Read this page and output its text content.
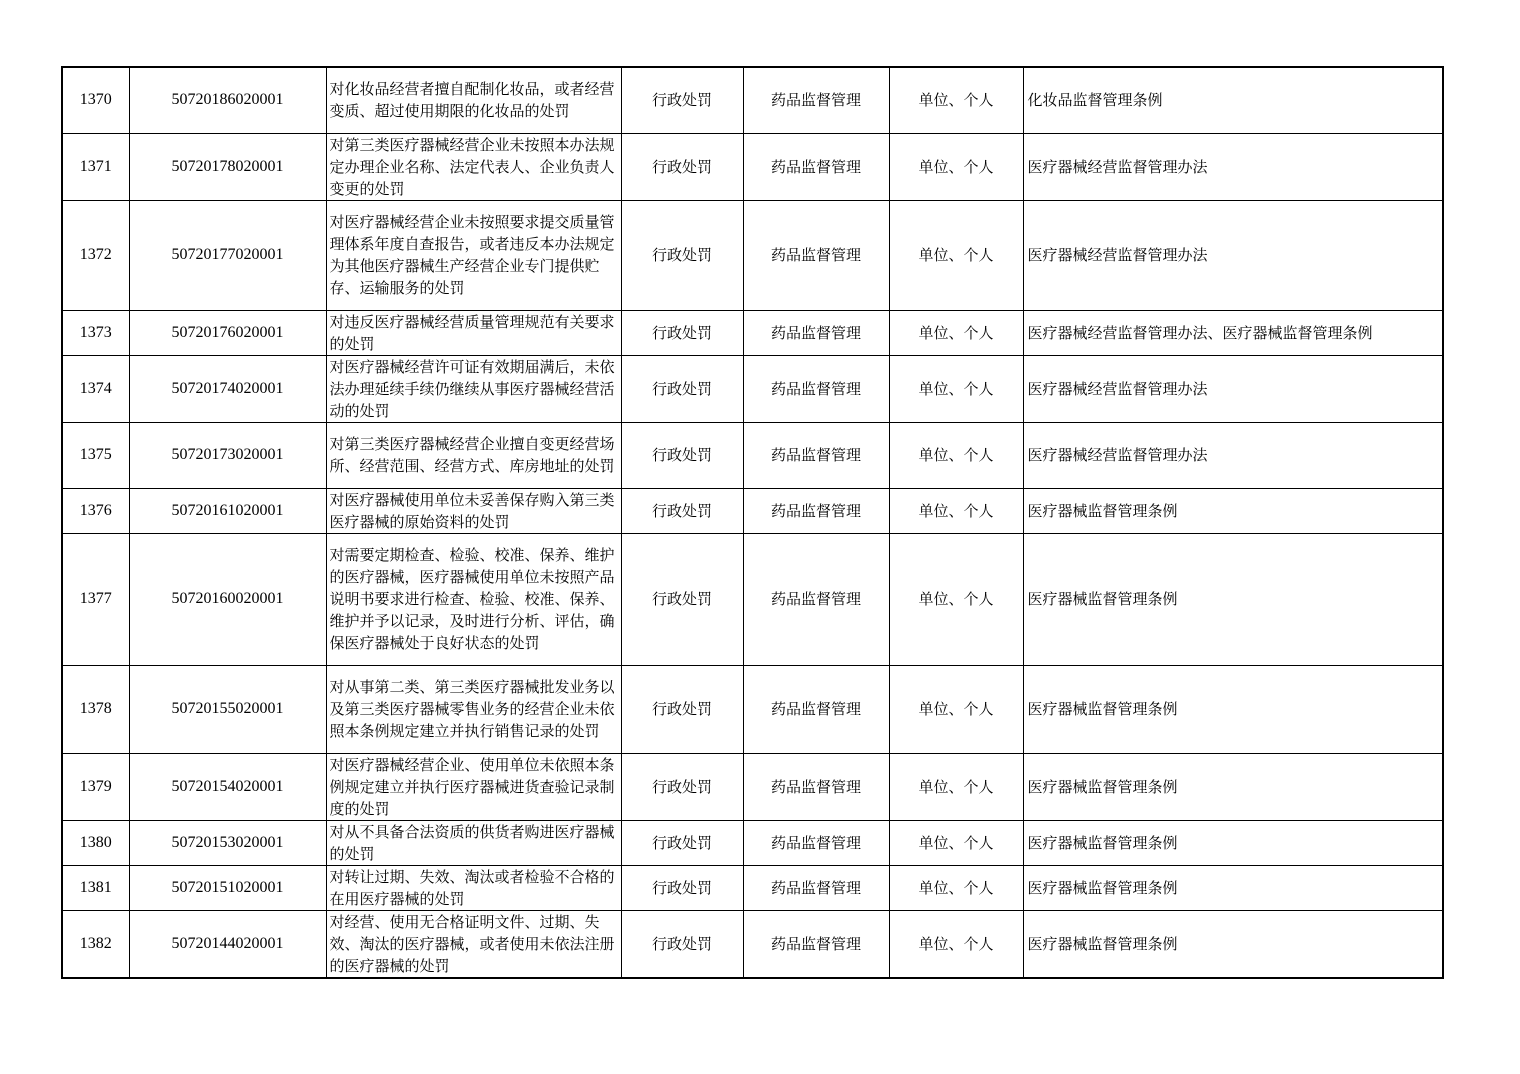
1370	50720186020001	对化妆品经营者擅自配制化妆品，或者经营变质、超过使用期限的化妆品的处罚	行政处罚	药品监督管理	单位、个人	化妆品监督管理条例
1371	50720178020001	对第三类医疗器械经营企业未按照本办法规定办理企业名称、法定代表人、企业负责人变更的处罚	行政处罚	药品监督管理	单位、个人	医疗器械经营监督管理办法
1372	50720177020001	对医疗器械经营企业未按照要求提交质量管理体系年度自查报告，或者违反本办法规定为其他医疗器械生产经营企业专门提供贮存、运输服务的处罚	行政处罚	药品监督管理	单位、个人	医疗器械经营监督管理办法
1373	50720176020001	对违反医疗器械经营质量管理规范有关要求的处罚	行政处罚	药品监督管理	单位、个人	医疗器械经营监督管理办法、医疗器械监督管理条例
1374	50720174020001	对医疗器械经营许可证有效期届满后，未依法办理延续手续仍继续从事医疗器械经营活动的处罚	行政处罚	药品监督管理	单位、个人	医疗器械经营监督管理办法
1375	50720173020001	对第三类医疗器械经营企业擅自变更经营场所、经营范围、经营方式、库房地址的处罚	行政处罚	药品监督管理	单位、个人	医疗器械经营监督管理办法
1376	50720161020001	对医疗器械使用单位未妥善保存购入第三类医疗器械的原始资料的处罚	行政处罚	药品监督管理	单位、个人	医疗器械监督管理条例
1377	50720160020001	对需要定期检查、检验、校准、保养、维护的医疗器械，医疗器械使用单位未按照产品说明书要求进行检查、检验、校准、保养、维护并予以记录，及时进行分析、评估，确保医疗器械处于良好状态的处罚	行政处罚	药品监督管理	单位、个人	医疗器械监督管理条例
1378	50720155020001	对从事第二类、第三类医疗器械批发业务以及第三类医疗器械零售业务的经营企业未依照本条例规定建立并执行销售记录的处罚	行政处罚	药品监督管理	单位、个人	医疗器械监督管理条例
1379	50720154020001	对医疗器械经营企业、使用单位未依照本条例规定建立并执行医疗器械进货查验记录制度的处罚	行政处罚	药品监督管理	单位、个人	医疗器械监督管理条例
1380	50720153020001	对从不具备合法资质的供货者购进医疗器械的处罚	行政处罚	药品监督管理	单位、个人	医疗器械监督管理条例
1381	50720151020001	对转让过期、失效、淘汰或者检验不合格的在用医疗器械的处罚	行政处罚	药品监督管理	单位、个人	医疗器械监督管理条例
1382	50720144020001	对经营、使用无合格证明文件、过期、失效、淘汰的医疗器械，或者使用未依法注册的医疗器械的处罚	行政处罚	药品监督管理	单位、个人	医疗器械监督管理条例
